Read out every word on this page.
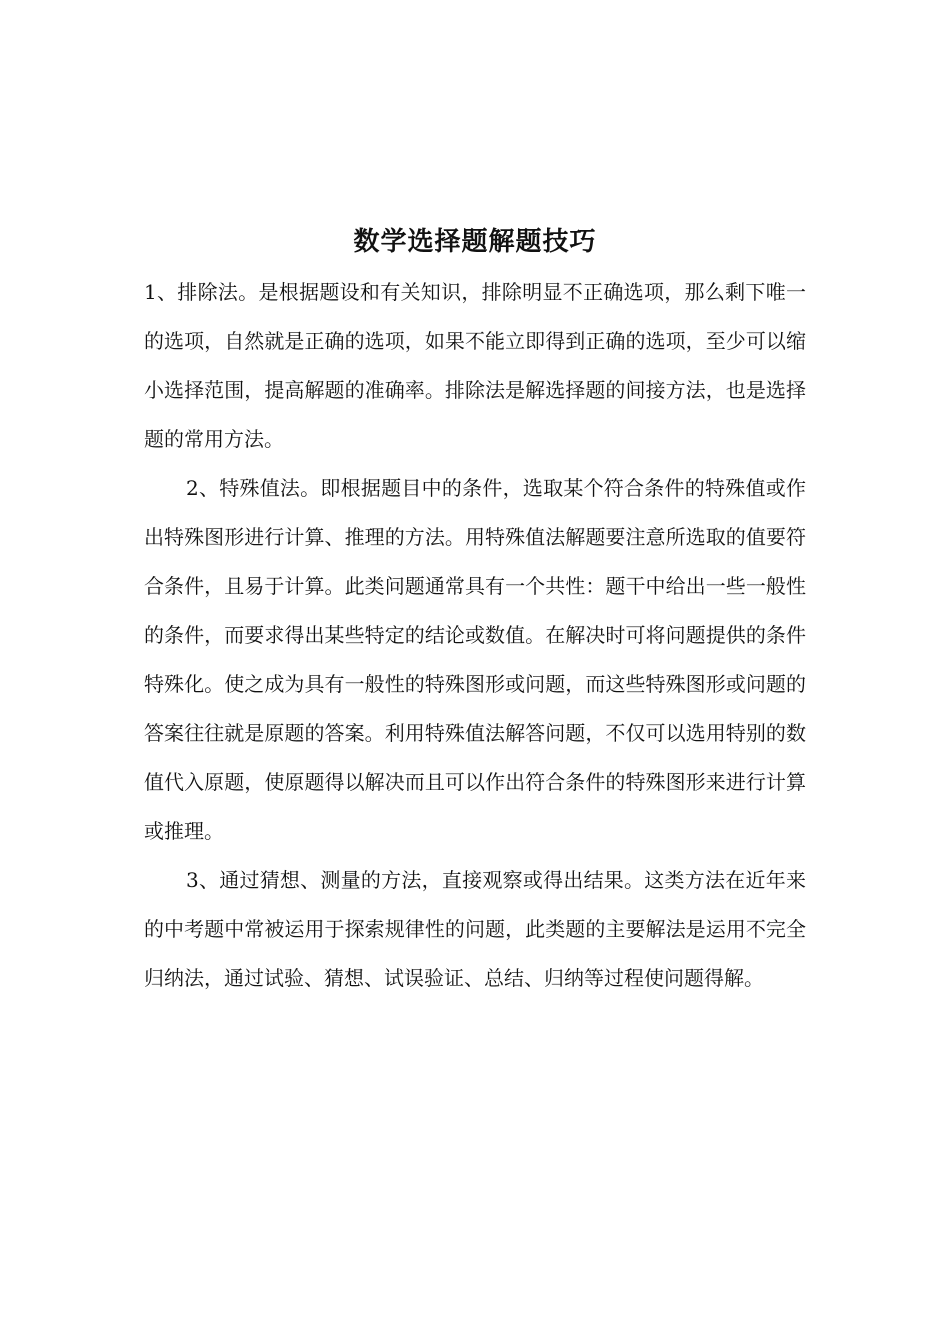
数学选择题解题技巧

1、排除法。是根据题设和有关知识，排除明显不正确选项，那么剩下唯一的选项，自然就是正确的选项，如果不能立即得到正确的选项，至少可以缩小选择范围，提高解题的准确率。排除法是解选择题的间接方法，也是选择题的常用方法。

2、特殊值法。即根据题目中的条件，选取某个符合条件的特殊值或作出特殊图形进行计算、推理的方法。用特殊值法解题要注意所选取的值要符合条件，且易于计算。此类问题通常具有一个共性：题干中给出一些一般性的条件，而要求得出某些特定的结论或数值。在解决时可将问题提供的条件特殊化。使之成为具有一般性的特殊图形或问题，而这些特殊图形或问题的答案往往就是原题的答案。利用特殊值法解答问题，不仅可以选用特别的数值代入原题，使原题得以解决而且可以作出符合条件的特殊图形来进行计算或推理。

3、通过猜想、测量的方法，直接观察或得出结果。这类方法在近年来的中考题中常被运用于探索规律性的问题，此类题的主要解法是运用不完全归纳法，通过试验、猜想、试误验证、总结、归纳等过程使问题得解。
